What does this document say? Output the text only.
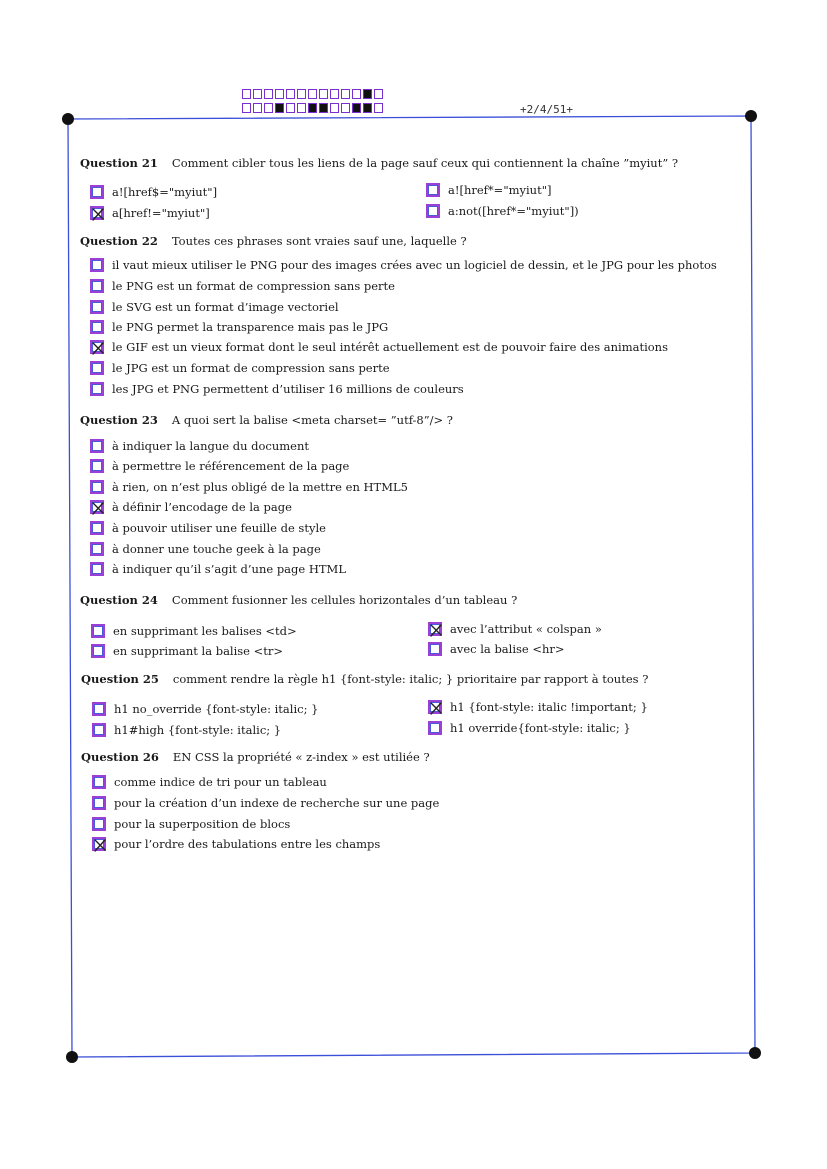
+2/4/51+
Question 21 Comment cibler tous les liens de la page sauf ceux qui contiennent la chaîne ”myiut” ?
a![href$="myiut"]	a![href*="myiut"]
a[href!="myiut"]	a:not([href*="myiut"])
Question 22 Toutes ces phrases sont vraies sauf une, laquelle ?
il vaut mieux utiliser le PNG pour des images crées avec un logiciel de dessin, et le JPG pour les photos
le PNG est un format de compression sans perte
le SVG est un format d’image vectoriel
le PNG permet la transparence mais pas le JPG
le GIF est un vieux format dont le seul intérêt actuellement est de pouvoir faire des animations
le JPG est un format de compression sans perte
les JPG et PNG permettent d’utiliser 16 millions de couleurs
Question 23 A quoi sert la balise <meta charset= ”utf-8”/> ?
à indiquer la langue du document
à permettre le référencement de la page
à rien, on n’est plus obligé de la mettre en HTML5
à définir l’encodage de la page
à pouvoir utiliser une feuille de style
à donner une touche geek à la page
à indiquer qu’il s’agit d’une page HTML
Question 24 Comment fusionner les cellules horizontales d’un tableau ?
en supprimant les balises <td>	avec l’attribut « colspan »
en supprimant la balise <tr>	avec la balise <hr>
Question 25 comment rendre la règle h1 {font-style: italic; } prioritaire par rapport à toutes ?
h1 no_override {font-style: italic; }	h1 {font-style: italic !important; }
h1#high {font-style: italic; }	h1 override{font-style: italic; }
Question 26 EN CSS la propriété « z-index » est utiliée ?
comme indice de tri pour un tableau
pour la création d’un indexe de recherche sur une page
pour la superposition de blocs
pour l’ordre des tabulations entre les champs
